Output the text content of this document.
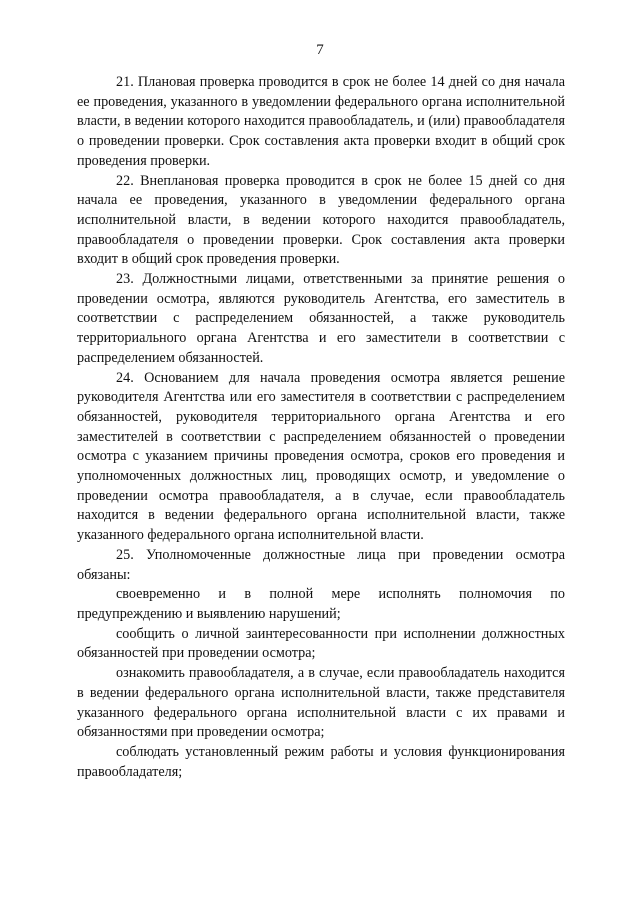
7

21. Плановая проверка проводится в срок не более 14 дней со дня начала ее проведения, указанного в уведомлении федерального органа исполнительной власти, в ведении которого находится правообладатель, и (или) правообладателя о проведении проверки. Срок составления акта проверки входит в общий срок проведения проверки.

22. Внеплановая проверка проводится в срок не более 15 дней со дня начала ее проведения, указанного в уведомлении федерального органа исполнительной власти, в ведении которого находится правообладатель, правообладателя о проведении проверки. Срок составления акта проверки входит в общий срок проведения проверки.

23. Должностными лицами, ответственными за принятие решения о проведении осмотра, являются руководитель Агентства, его заместитель в соответствии с распределением обязанностей, а также руководитель территориального органа Агентства и его заместители в соответствии с распределением обязанностей.

24. Основанием для начала проведения осмотра является решение руководителя Агентства или его заместителя в соответствии с распределением обязанностей, руководителя территориального органа Агентства и его заместителей в соответствии с распределением обязанностей о проведении осмотра с указанием причины проведения осмотра, сроков его проведения и уполномоченных должностных лиц, проводящих осмотр, и уведомление о проведении осмотра правообладателя, а в случае, если правообладатель находится в ведении федерального органа исполнительной власти, также указанного федерального органа исполнительной власти.

25. Уполномоченные должностные лица при проведении осмотра обязаны:

своевременно и в полной мере исполнять полномочия по предупреждению и выявлению нарушений;

сообщить о личной заинтересованности при исполнении должностных обязанностей при проведении осмотра;

ознакомить правообладателя, а в случае, если правообладатель находится в ведении федерального органа исполнительной власти, также представителя указанного федерального органа исполнительной власти с их правами и обязанностями при проведении осмотра;

соблюдать установленный режим работы и условия функционирования правообладателя;
